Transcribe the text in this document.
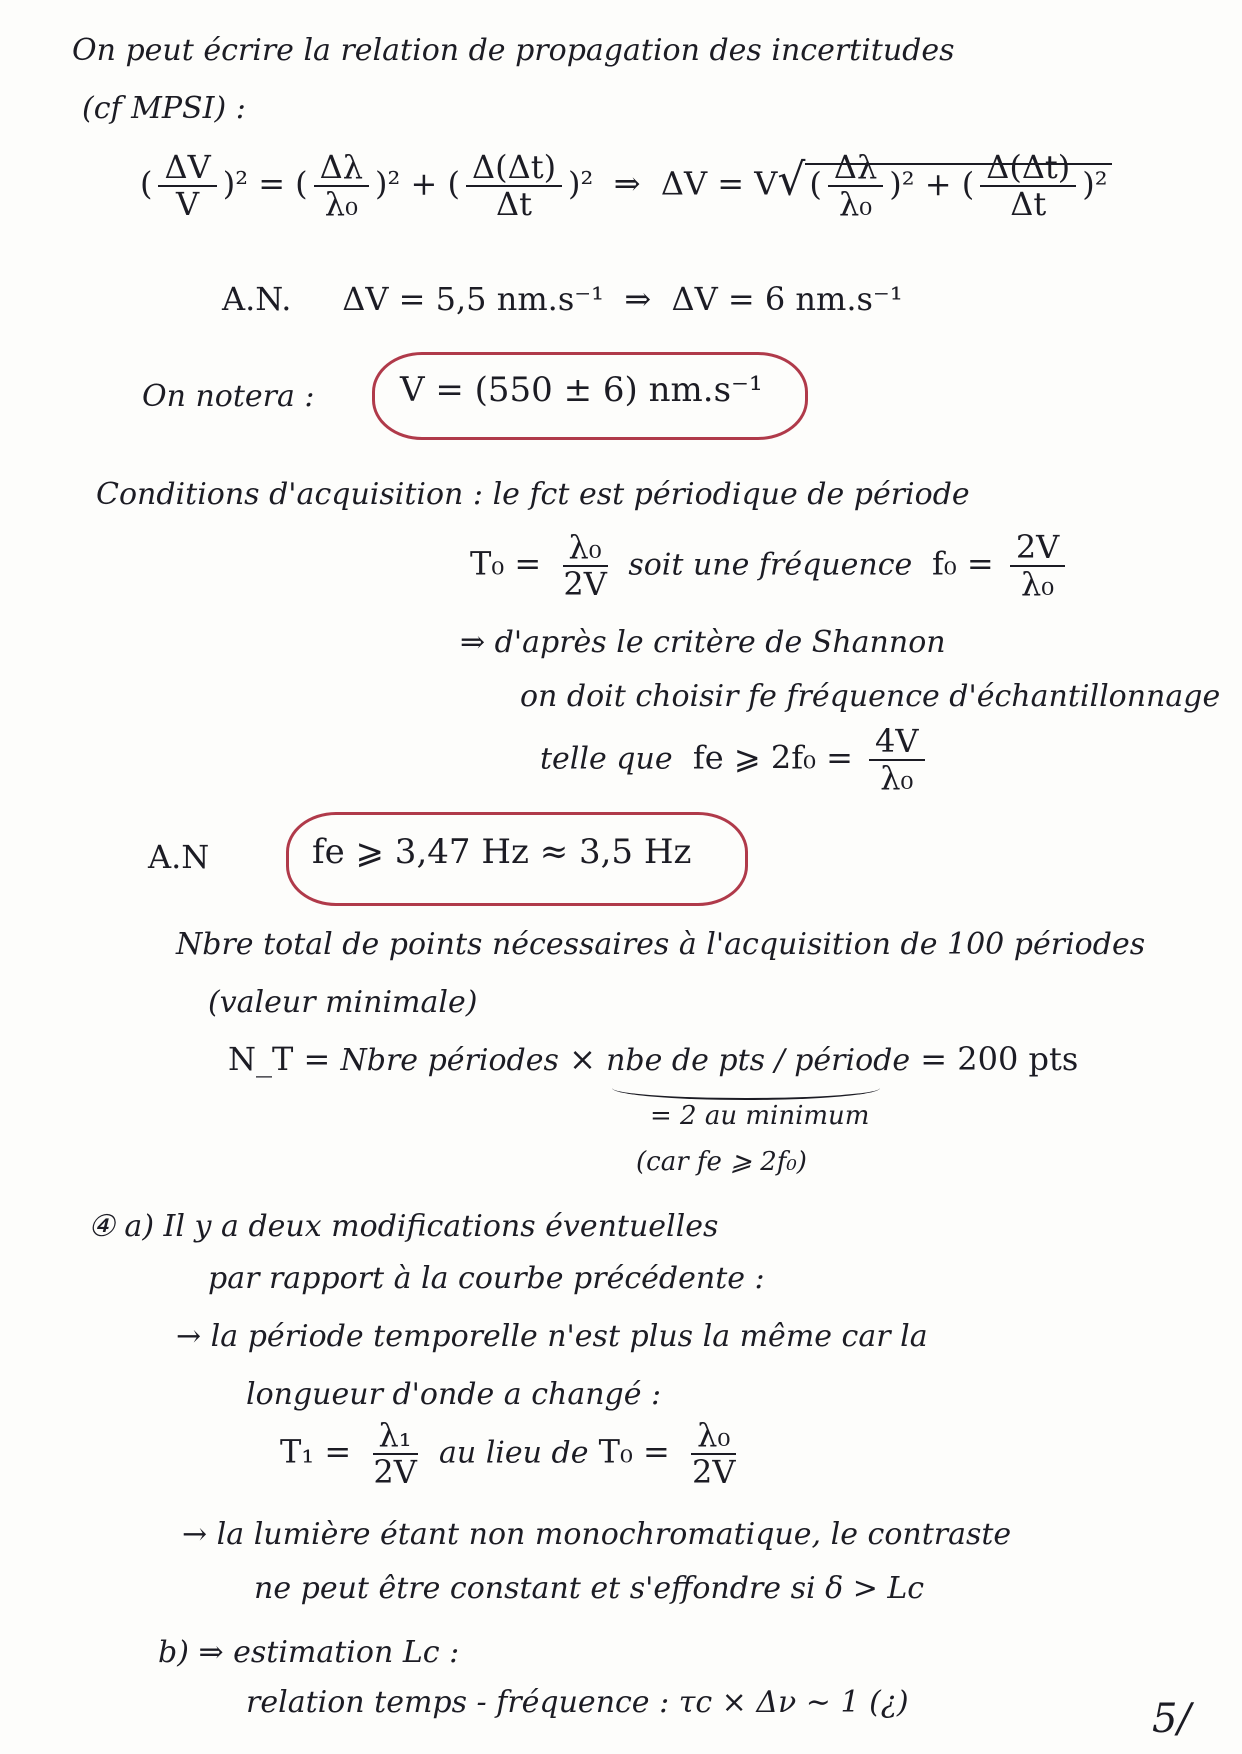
On peut écrire la relation de propagation des incertitudes
(cf MPSI) :
( $\frac{\Delta V}{V} )^2$ = ( $\frac{\Delta\lambda}{\text{λ₀}} )^2$ + ( $\frac{\Delta(\Delta t)}{\Delta t} )^2$  ⇒  ΔV = V√ ( $\frac{\Delta\lambda}{\text{λ₀}} )^2$ + ( $\frac{\Delta(\Delta t)}{\Delta t} )^2$
A.N. ΔV = 5,5 nm.s⁻¹  ⇒  ΔV = 6 nm.s⁻¹
On notera :	V = (550 ± 6) nm.s⁻¹
Conditions d'acquisition : le fct est périodique de période
$T_0 = \frac{\text{λ₀}}{2V}$ soit une fréquence  $f_0 = \frac{2V}{\text{λ₀}}$
⇒ d'après le critère de Shannon
on doit choisir fe fréquence d'échantillonnage
telle que fe ⩾ $2f_0 = \frac{4V}{\text{λ₀}}$
A.N	fe ⩾ 3,47 Hz ≈ 3,5 Hz
Nbre total de points nécessaires à l'acquisition de 100 périodes
(valeur minimale)
N_T = Nbre périodes × nbe de pts / période = 200 pts
= 2 au minimum
(car fe ⩾ 2f₀)
④ a) Il y a deux modifications éventuelles
par rapport à la courbe précédente :
→ la période temporelle n'est plus la même car la
longueur d'onde a changé :
$T_1 = \frac{\text{λ₁}}{2V}$ au lieu de $T_0 = \frac{\text{λ₀}}{2V}$
→ la lumière étant non monochromatique, le contraste
ne peut être constant et s'effondre si δ > Lc
b) ⇒ estimation Lc :
relation temps - fréquence : τc × Δν ∼ 1 (¿)	5/
